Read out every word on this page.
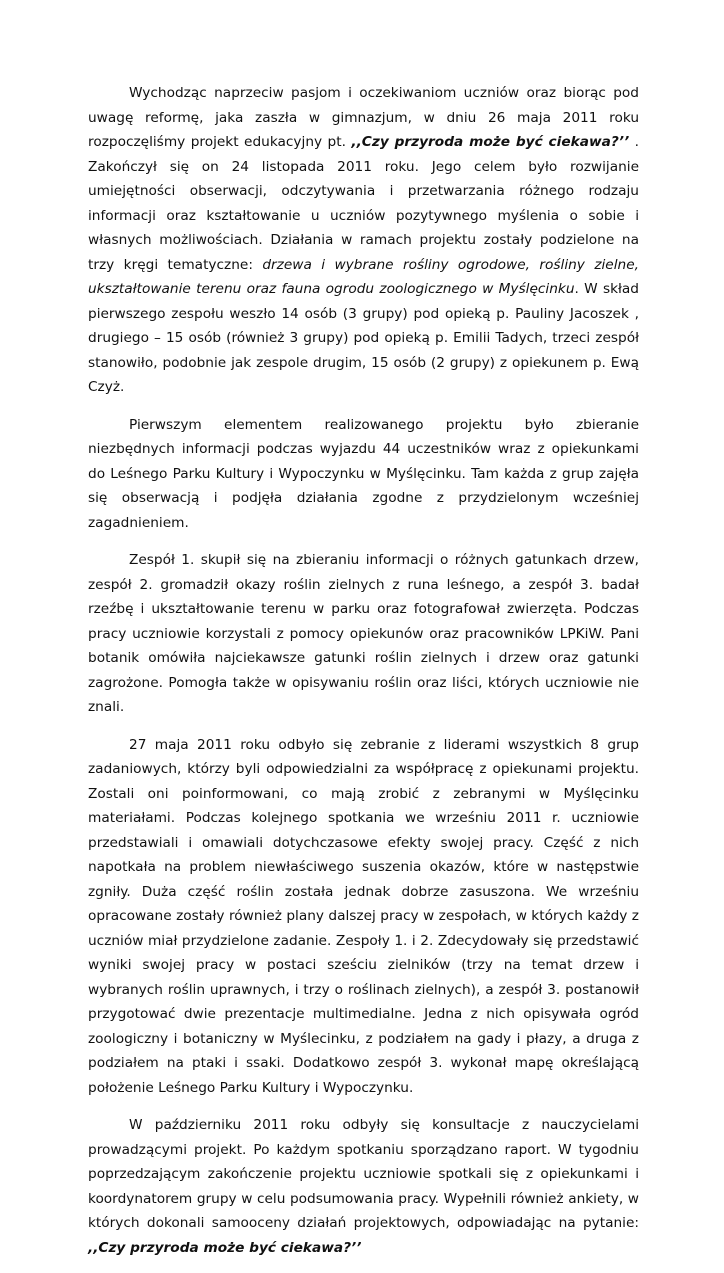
Wychodząc naprzeciw pasjom i oczekiwaniom uczniów oraz biorąc pod uwagę reformę, jaka zaszła w gimnazjum, w dniu 26 maja 2011 roku rozpoczęliśmy projekt edukacyjny pt. ,,Czy przyroda może być ciekawa?’’ . Zakończył się on 24 listopada 2011 roku. Jego celem było rozwijanie umiejętności obserwacji, odczytywania i przetwarzania różnego rodzaju informacji oraz kształtowanie u uczniów pozytywnego myślenia o sobie i własnych możliwościach. Działania w ramach projektu zostały podzielone na trzy kręgi tematyczne: drzewa i wybrane rośliny ogrodowe, rośliny zielne, ukształtowanie terenu oraz fauna ogrodu zoologicznego w Myślęcinku. W skład pierwszego zespołu weszło 14 osób (3 grupy) pod opieką p. Pauliny Jacoszek , drugiego – 15 osób (również 3 grupy) pod opieką p. Emilii Tadych, trzeci zespół stanowiło, podobnie jak zespole drugim, 15 osób (2 grupy) z opiekunem p. Ewą Czyż.

Pierwszym elementem realizowanego projektu było zbieranie niezbędnych informacji podczas wyjazdu 44 uczestników wraz z opiekunkami do Leśnego Parku Kultury i Wypoczynku w Myślęcinku. Tam każda z grup zajęła się obserwacją i podjęła działania zgodne z przydzielonym wcześniej zagadnieniem.

Zespół 1. skupił się na zbieraniu informacji o różnych gatunkach drzew, zespół 2. gromadził okazy roślin zielnych z runa leśnego, a zespół 3. badał rzeźbę i ukształtowanie terenu w parku oraz fotografował zwierzęta. Podczas pracy uczniowie korzystali z pomocy opiekunów oraz pracowników LPKiW. Pani botanik omówiła najciekawsze gatunki roślin zielnych i drzew oraz gatunki zagrożone. Pomogła także w opisywaniu roślin oraz liści, których uczniowie nie znali.

27 maja 2011 roku odbyło się zebranie z liderami wszystkich 8 grup zadaniowych, którzy byli odpowiedzialni za współpracę z opiekunami projektu. Zostali oni poinformowani, co mają zrobić z zebranymi w Myślęcinku materiałami. Podczas kolejnego spotkania we wrześniu 2011 r. uczniowie przedstawiali i omawiali dotychczasowe efekty swojej pracy. Część z nich napotkała na problem niewłaściwego suszenia okazów, które w następstwie zgniły. Duża część roślin została jednak dobrze zasuszona. We wrześniu opracowane zostały również plany dalszej pracy w zespołach, w których każdy z uczniów miał przydzielone zadanie. Zespoły 1. i 2. Zdecydowały się przedstawić wyniki swojej pracy w postaci sześciu zielników (trzy na temat drzew i wybranych roślin uprawnych, i trzy o roślinach zielnych), a zespół 3. postanowił przygotować dwie prezentacje multimedialne. Jedna z nich opisywała ogród zoologiczny i botaniczny w Myślecinku, z podziałem na gady i płazy, a druga z podziałem na ptaki i ssaki. Dodatkowo zespół 3. wykonał mapę określającą położenie Leśnego Parku Kultury i Wypoczynku.

W październiku 2011 roku odbyły się konsultacje z nauczycielami prowadzącymi projekt. Po każdym spotkaniu sporządzano raport. W tygodniu poprzedzającym zakończenie projektu uczniowie spotkali się z opiekunkami i koordynatorem grupy w celu podsumowania pracy. Wypełnili również ankiety, w których dokonali samooceny działań projektowych, odpowiadając na pytanie: ,,Czy przyroda może być ciekawa?’’
